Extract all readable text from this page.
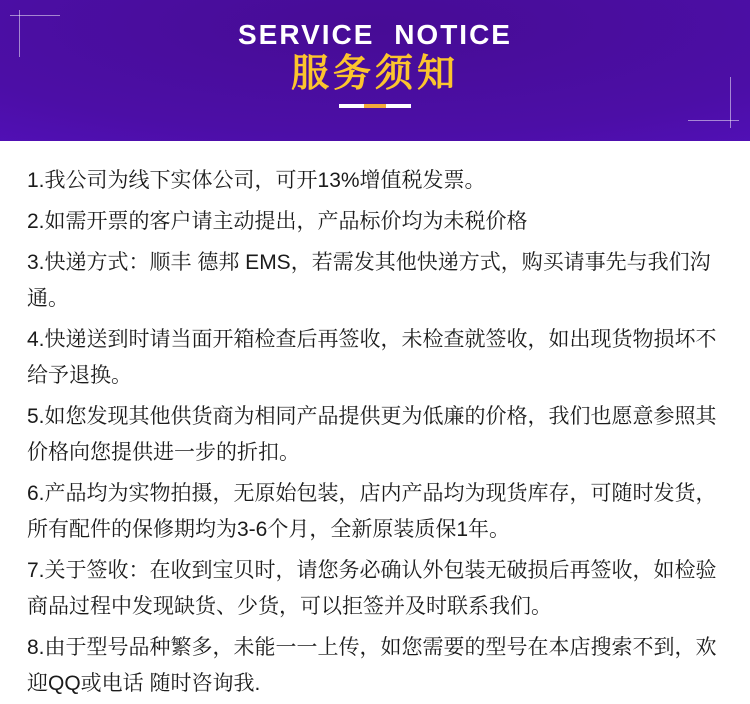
SERVICE NOTICE
服务须知

1.我公司为线下实体公司，可开13%增值税发票。

2.如需开票的客户请主动提出，产品标价均为未税价格

3.快递方式：顺丰 德邦 EMS，若需发其他快递方式，购买请事先与我们沟通。

4.快递送到时请当面开箱检查后再签收，未检查就签收，如出现货物损坏不给予退换。

5.如您发现其他供货商为相同产品提供更为低廉的价格，我们也愿意参照其价格向您提供进一步的折扣。

6.产品均为实物拍摄，无原始包装，店内产品均为现货库存，可随时发货，所有配件的保修期均为3-6个月，全新原装质保1年。

7.关于签收：在收到宝贝时，请您务必确认外包装无破损后再签收，如检验商品过程中发现缺货、少货，可以拒签并及时联系我们。

8.由于型号品种繁多，未能一一上传，如您需要的型号在本店搜索不到，欢迎QQ或电话 随时咨询我.
